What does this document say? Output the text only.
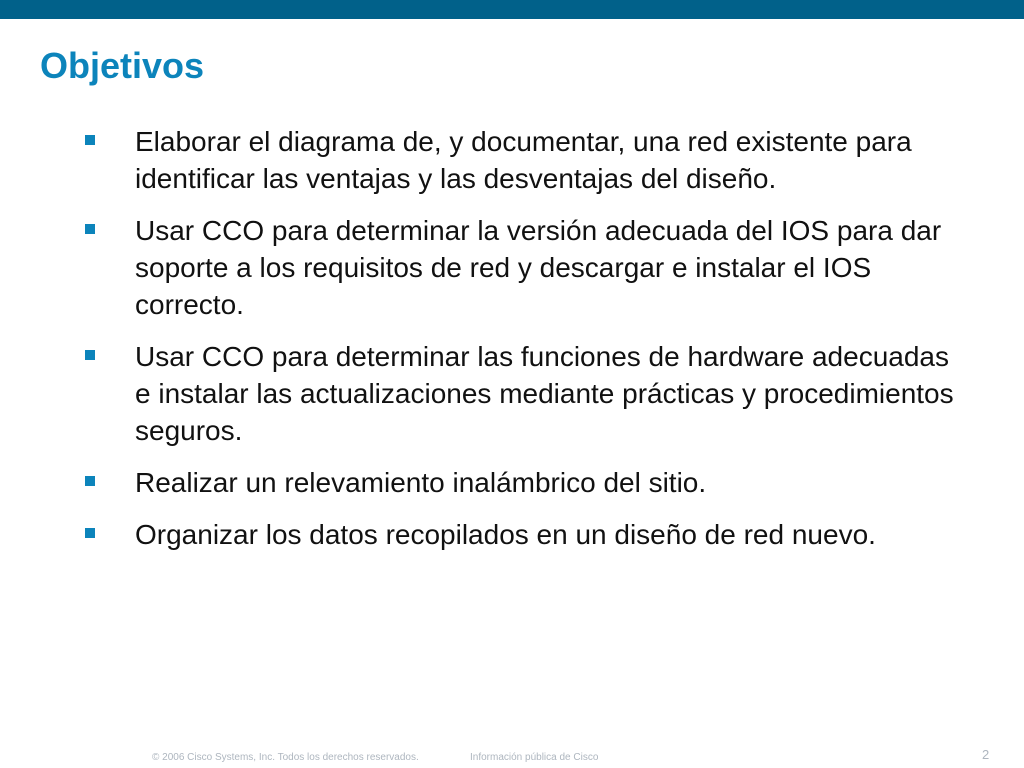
Objetivos
Elaborar el diagrama de, y documentar, una red existente para identificar las ventajas y las desventajas del diseño.
Usar CCO para determinar la versión adecuada del IOS para dar soporte a los requisitos de red y descargar e instalar el IOS correcto.
Usar CCO para determinar las funciones de hardware adecuadas e instalar las actualizaciones mediante prácticas y procedimientos seguros.
Realizar un relevamiento inalámbrico del sitio.
Organizar los datos recopilados en un diseño de red nuevo.
© 2006 Cisco Systems, Inc. Todos los derechos reservados.	Información pública de Cisco	2
